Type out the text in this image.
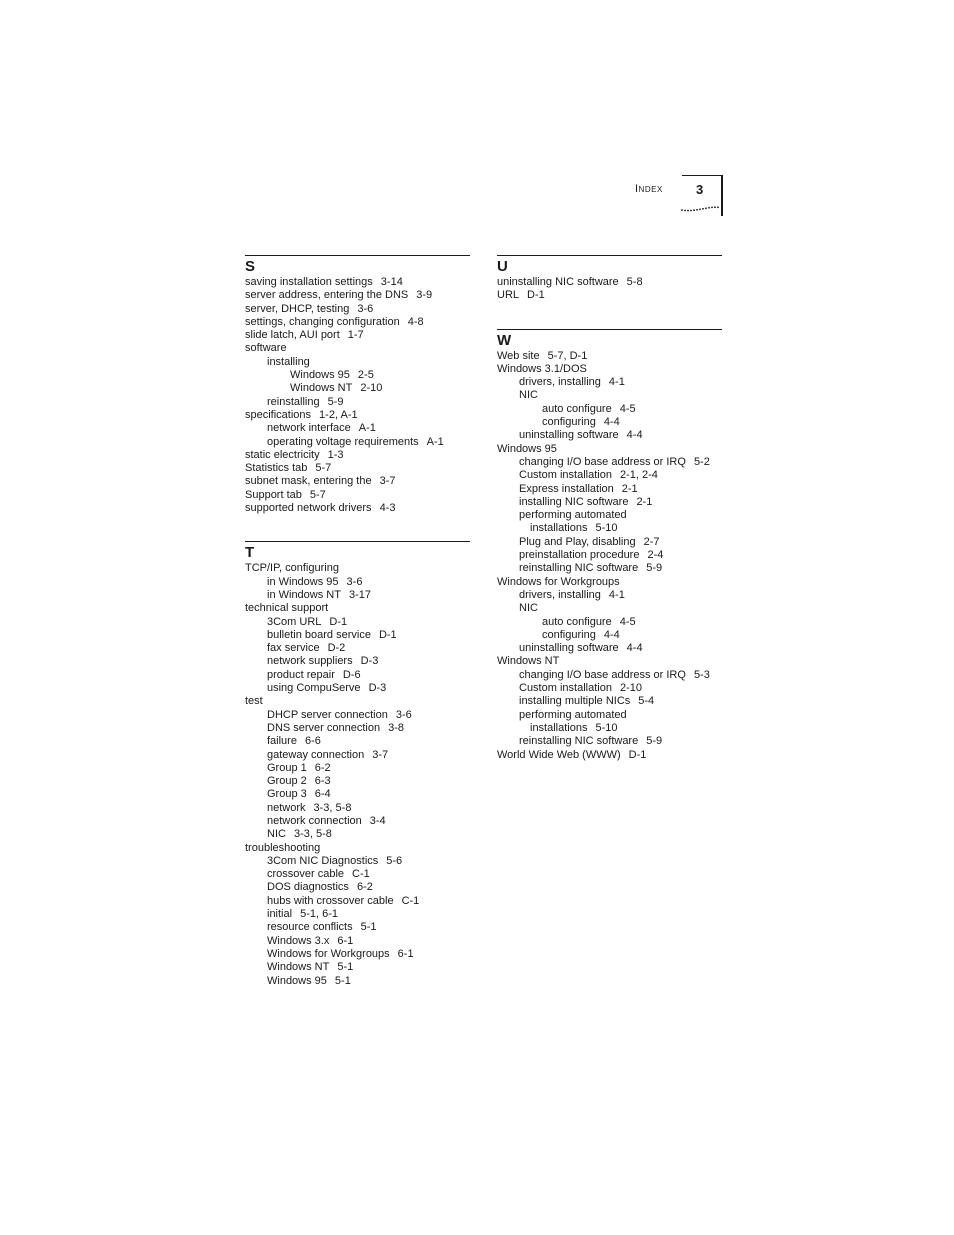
Index	3
S
saving installation settings 3-14
server address, entering the DNS 3-9
server, DHCP, testing 3-6
settings, changing configuration 4-8
slide latch, AUI port 1-7
software
installing
Windows 95 2-5
Windows NT 2-10
reinstalling 5-9
specifications 1-2, A-1
network interface A-1
operating voltage requirements A-1
static electricity 1-3
Statistics tab 5-7
subnet mask, entering the 3-7
Support tab 5-7
supported network drivers 4-3
T
TCP/IP, configuring
in Windows 95 3-6
in Windows NT 3-17
technical support
3Com URL D-1
bulletin board service D-1
fax service D-2
network suppliers D-3
product repair D-6
using CompuServe D-3
test
DHCP server connection 3-6
DNS server connection 3-8
failure 6-6
gateway connection 3-7
Group 1 6-2
Group 2 6-3
Group 3 6-4
network 3-3, 5-8
network connection 3-4
NIC 3-3, 5-8
troubleshooting
3Com NIC Diagnostics 5-6
crossover cable C-1
DOS diagnostics 6-2
hubs with crossover cable C-1
initial 5-1, 6-1
resource conflicts 5-1
Windows 3.x 6-1
Windows for Workgroups 6-1
Windows NT 5-1
Windows 95 5-1
U
uninstalling NIC software 5-8
URL D-1
W
Web site 5-7, D-1
Windows 3.1/DOS
drivers, installing 4-1
NIC
auto configure 4-5
configuring 4-4
uninstalling software 4-4
Windows 95
changing I/O base address or IRQ 5-2
Custom installation 2-1, 2-4
Express installation 2-1
installing NIC software 2-1
performing automated
installations 5-10
Plug and Play, disabling 2-7
preinstallation procedure 2-4
reinstalling NIC software 5-9
Windows for Workgroups
drivers, installing 4-1
NIC
auto configure 4-5
configuring 4-4
uninstalling software 4-4
Windows NT
changing I/O base address or IRQ 5-3
Custom installation 2-10
installing multiple NICs 5-4
performing automated
installations 5-10
reinstalling NIC software 5-9
World Wide Web (WWW) D-1
